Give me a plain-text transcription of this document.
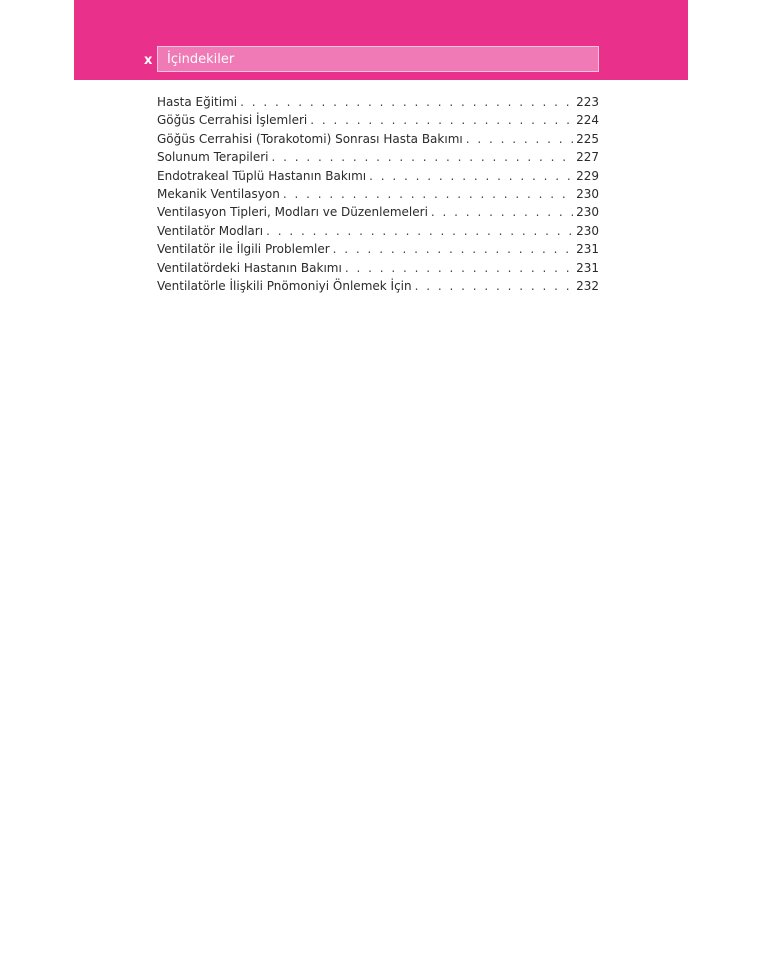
x İçindekiler
Hasta Eğitimi . . .	223
Göğüs Cerrahisi İşlemleri . . .	224
Göğüs Cerrahisi (Torakotomi) Sonrası Hasta Bakımı . . .	225
Solunum Terapileri . . .	227
Endotrakeal Tüplü Hastanın Bakımı . . .	229
Mekanik Ventilasyon . . .	230
Ventilasyon Tipleri, Modları ve Düzenlemeleri . . .	230
Ventilatör Modları . . .	230
Ventilatör ile İlgili Problemler . . .	231
Ventilatördeki Hastanın Bakımı . . .	231
Ventilatörle İlişkili Pnömoniyi Önlemek İçin . . .	232
